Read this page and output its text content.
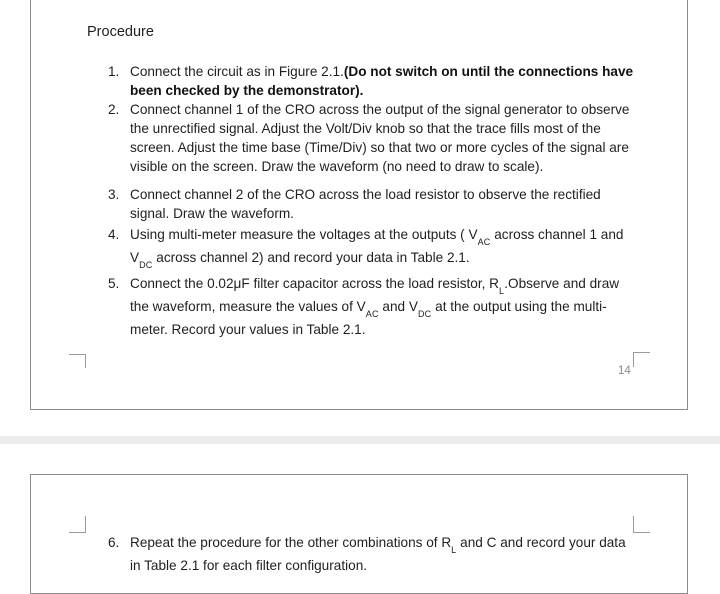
Procedure
1. Connect the circuit as in Figure 2.1.(Do not switch on until the connections have been checked by the demonstrator).
2. Connect channel 1 of the CRO across the output of the signal generator to observe the unrectified signal. Adjust the Volt/Div knob so that the trace fills most of the screen. Adjust the time base (Time/Div) so that two or more cycles of the signal are visible on the screen. Draw the waveform (no need to draw to scale).
3. Connect channel 2 of the CRO across the load resistor to observe the rectified signal. Draw the waveform.
4. Using multi-meter measure the voltages at the outputs ( $V_{AC}$ across channel 1 and $V_{DC}$ across channel 2) and record your data in Table 2.1.
5. Connect the 0.02μF filter capacitor across the load resistor, $R_L.Observe$ and draw the waveform, measure the values of $V_{AC}$ and $V_{DC}$ at the output using the multi-meter. Record your values in Table 2.1.
14
6. Repeat the procedure for the other combinations of $R_L$ and C and record your data in Table 2.1 for each filter configuration.
